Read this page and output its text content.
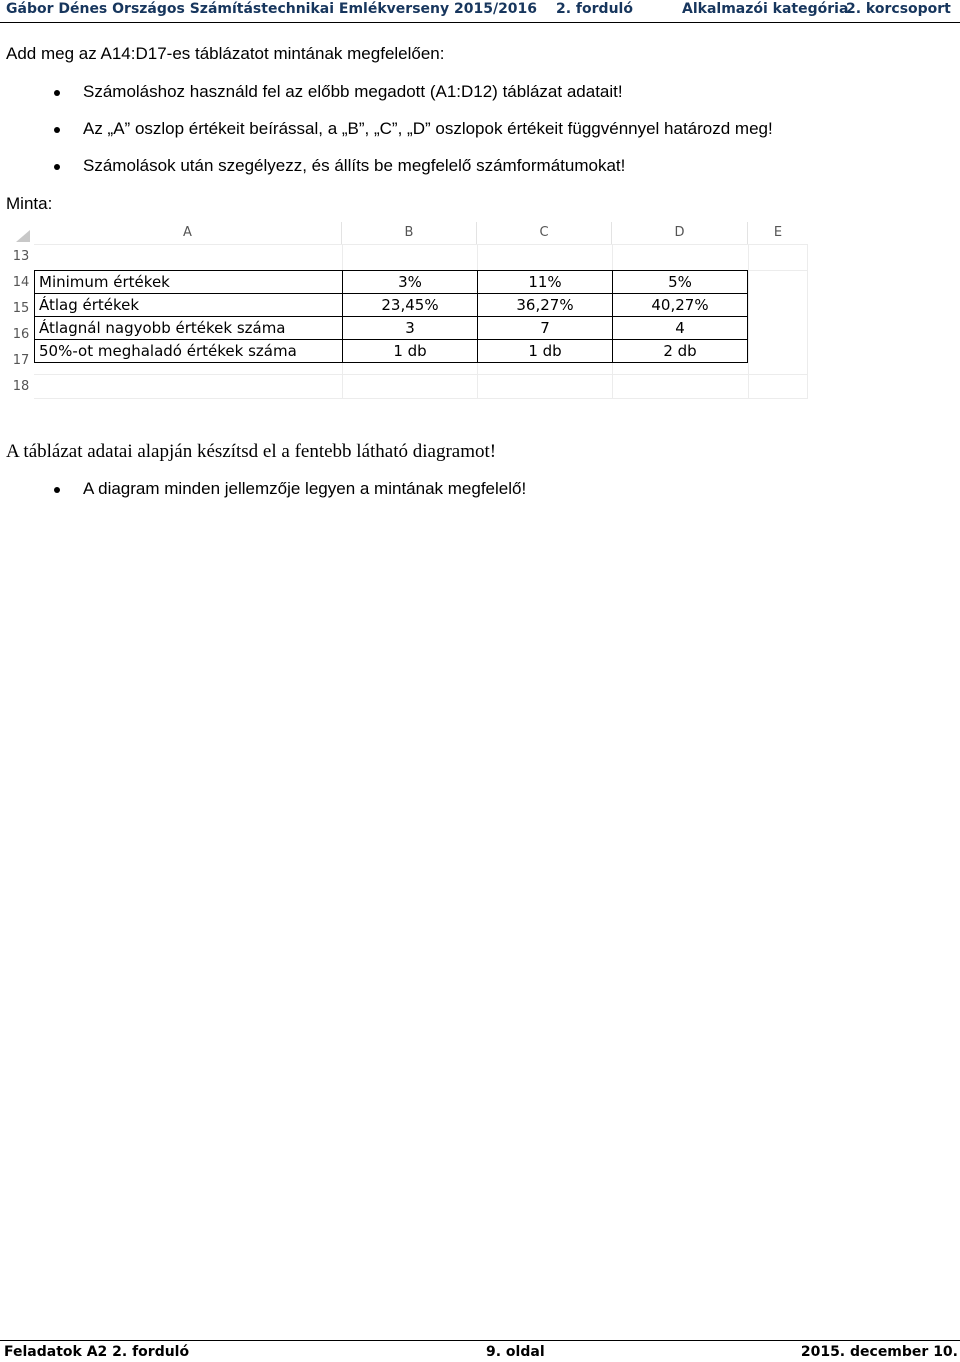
Gábor Dénes Országos Számítástechnikai Emlékverseny 2015/2016 2. forduló	Alkalmazói kategória
2. korcsoport
Add meg az A14:D17-es táblázatot mintának megfelelően:
Számoláshoz használd fel az előbb megadott (A1:D12) táblázat adatait!
Az „A” oszlop értékeit beírással, a „B”, „C”, „D” oszlopok értékeit függvénnyel határozd meg!
Számolások után szegélyezz, és állíts be megfelelő számformátumokat!
Minta:
A	B	C	D	E
13
14
15
16
17
18
Minimum értékek	3%	11%	5%
Átlag értékek	23,45%	36,27%	40,27%
Átlagnál nagyobb értékek száma	3	7	4
50%-ot meghaladó értékek száma	1 db	1 db	2 db
A táblázat adatai alapján készítsd el a fentebb látható diagramot!
A diagram minden jellemzője legyen a mintának megfelelő!
Feladatok A2 2. forduló	9. oldal	2015. december 10.
